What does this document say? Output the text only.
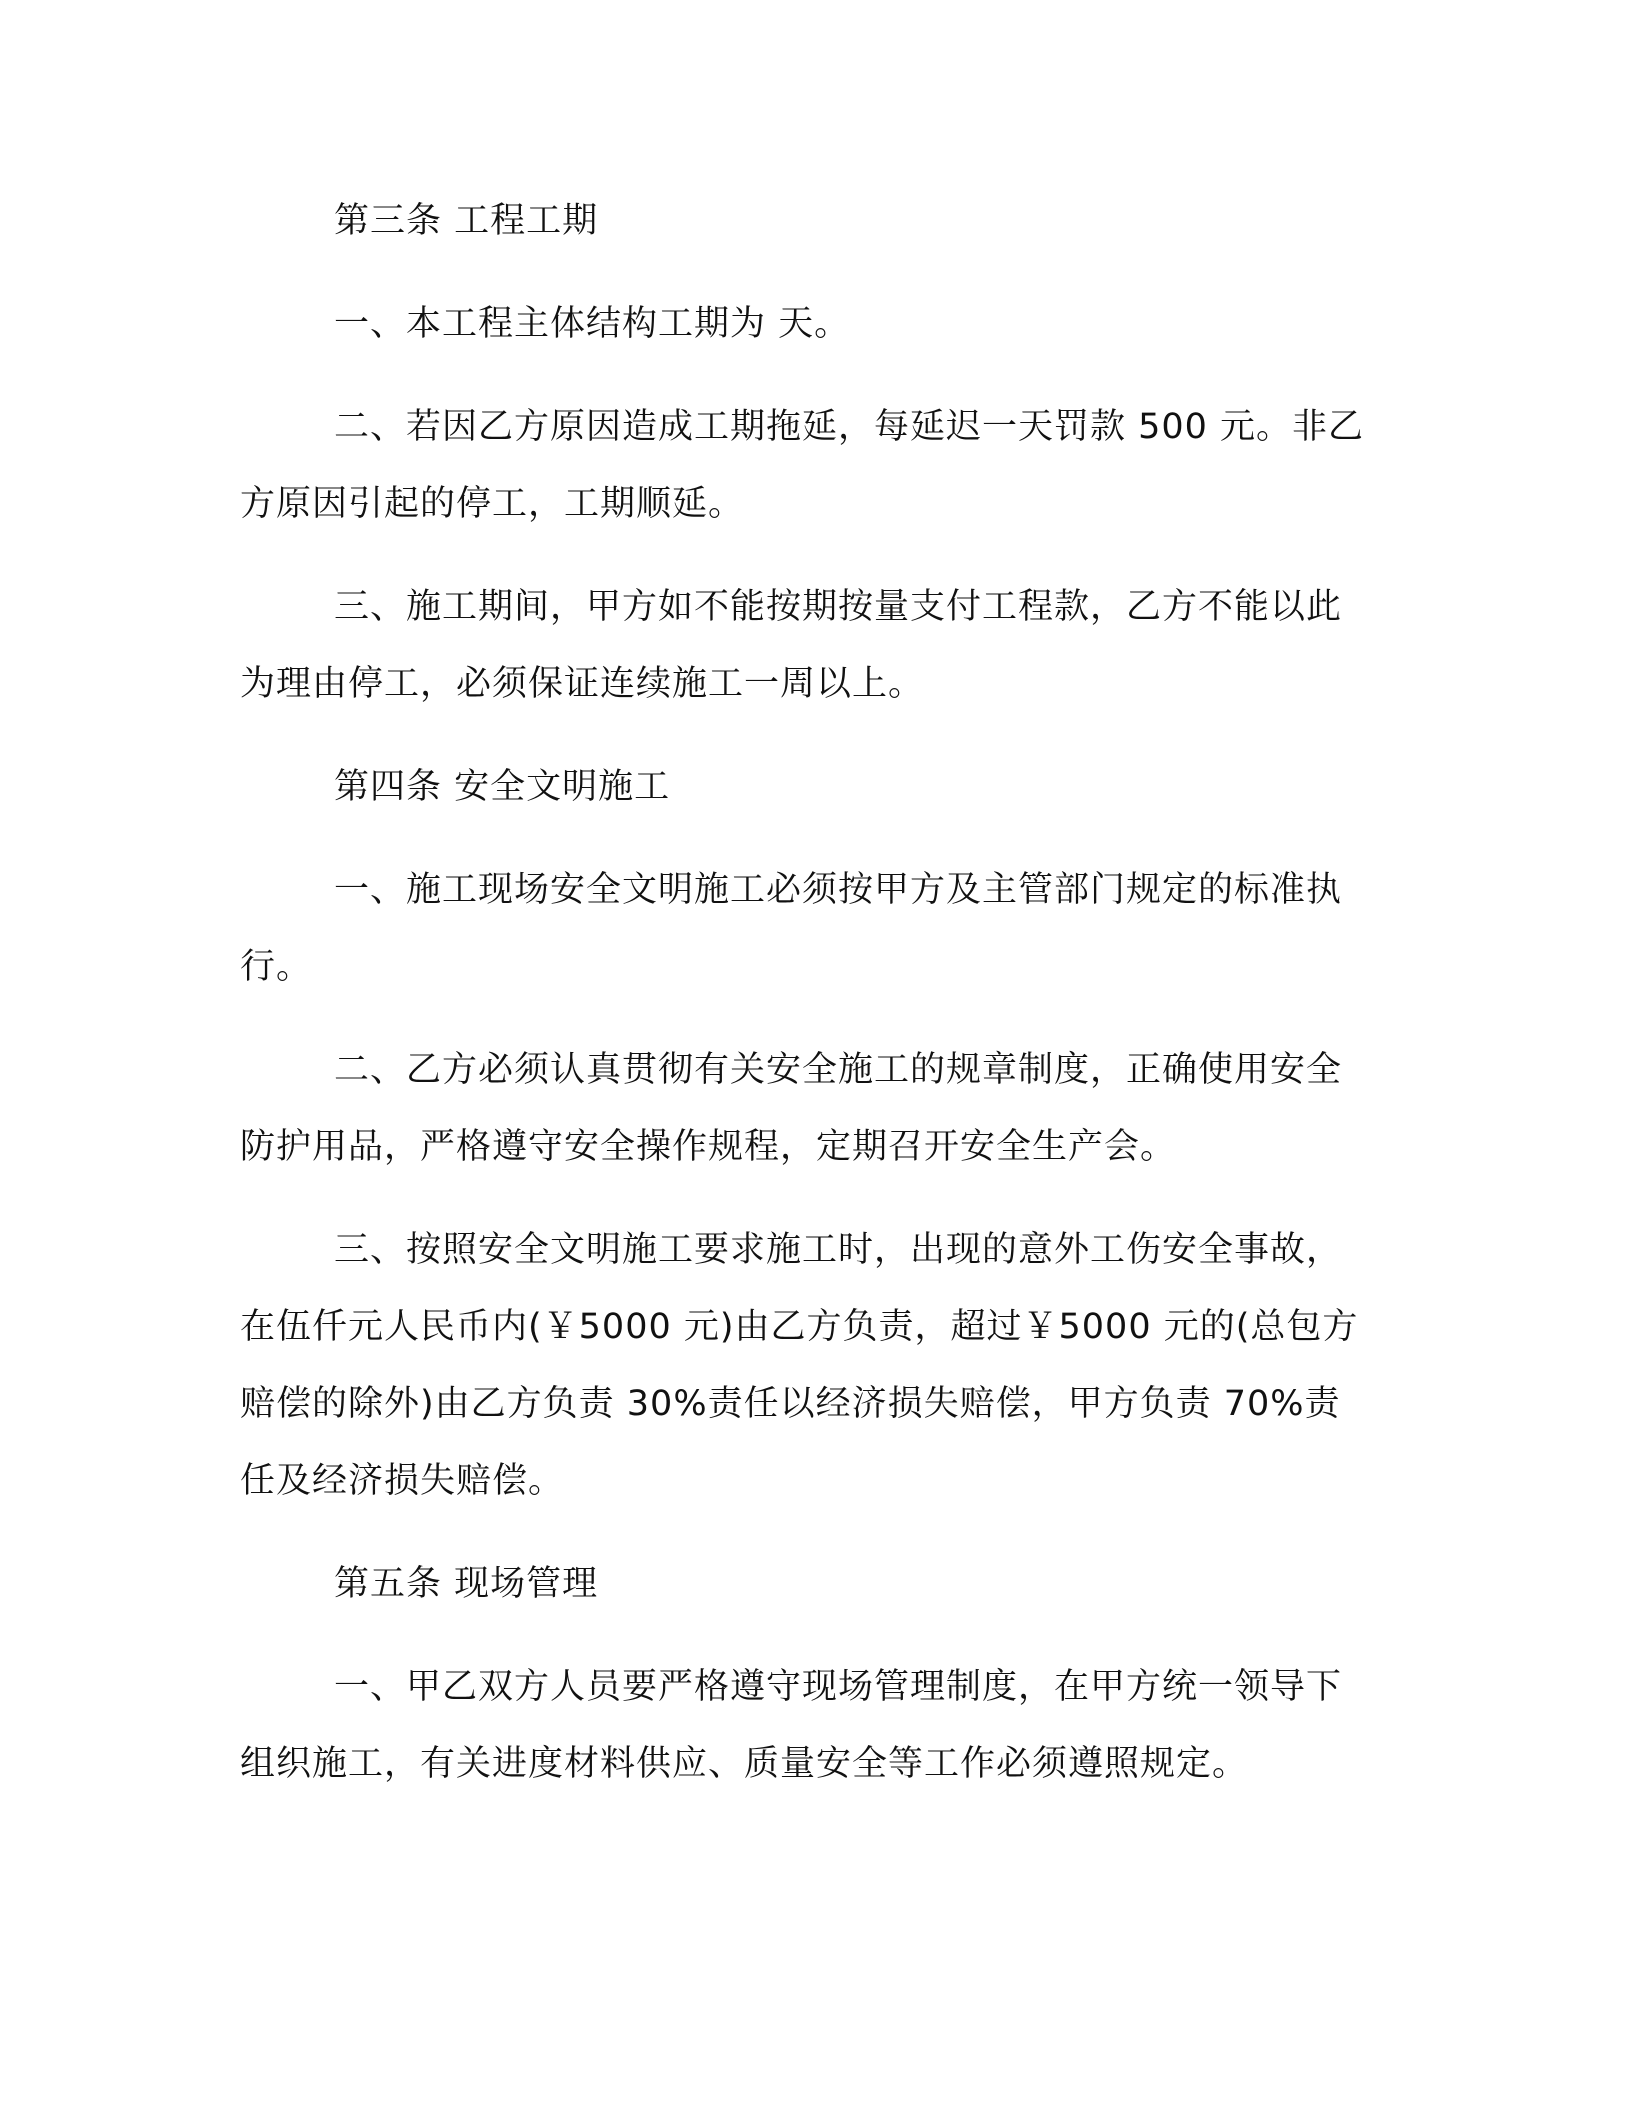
第三条 工程工期
一、本工程主体结构工期为 天。
二、若因乙方原因造成工期拖延，每延迟一天罚款 500 元。非乙
方原因引起的停工，工期顺延。
三、施工期间，甲方如不能按期按量支付工程款，乙方不能以此
为理由停工，必须保证连续施工一周以上。
第四条 安全文明施工
一、施工现场安全文明施工必须按甲方及主管部门规定的标准执
行。
二、乙方必须认真贯彻有关安全施工的规章制度，正确使用安全
防护用品，严格遵守安全操作规程，定期召开安全生产会。
三、按照安全文明施工要求施工时，出现的意外工伤安全事故，
在伍仟元人民币内(￥5000 元)由乙方负责，超过￥5000 元的(总包方
赔偿的除外)由乙方负责 30%责任以经济损失赔偿，甲方负责 70%责
任及经济损失赔偿。
第五条 现场管理
一、甲乙双方人员要严格遵守现场管理制度，在甲方统一领导下
组织施工，有关进度材料供应、质量安全等工作必须遵照规定。
